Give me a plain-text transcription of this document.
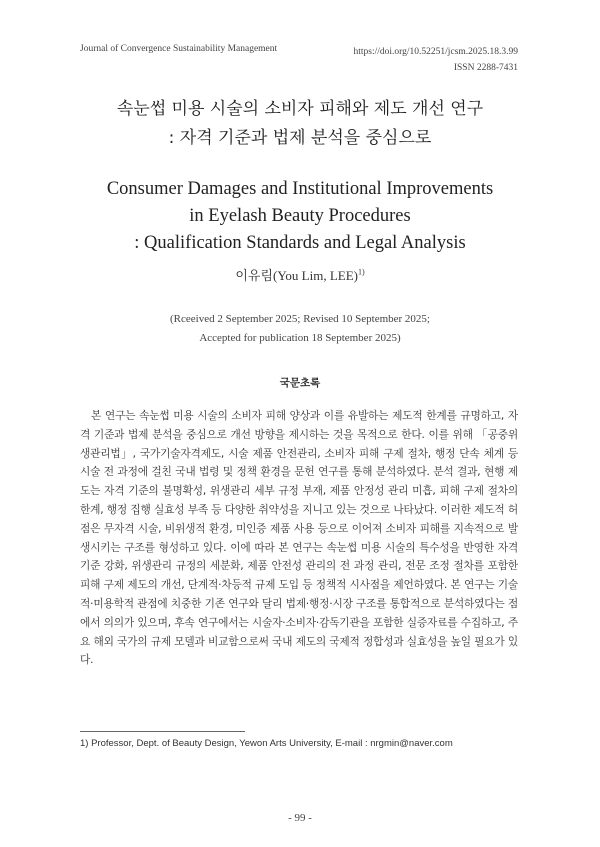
Journal of Convergence Sustainability Management	https://doi.org/10.52251/jcsm.2025.18.3.99
ISSN 2288-7431
속눈썹 미용 시술의 소비자 피해와 제도 개선 연구
: 자격 기준과 법제 분석을 중심으로
Consumer Damages and Institutional Improvements
in Eyelash Beauty Procedures
: Qualification Standards and Legal Analysis
이유림(You Lim, LEE)$^{1)}$
(Rceeived 2 September 2025; Revised 10 September 2025;
Accepted for publication 18 September 2025)
국문초록
본 연구는 속눈썹 미용 시술의 소비자 피해 양상과 이를 유발하는 제도적 한계를 규명하고, 자격 기준과 법제 분석을 중심으로 개선 방향을 제시하는 것을 목적으로 한다. 이를 위해 「공중위생관리법」, 국가기술자격제도, 시술 제품 안전관리, 소비자 피해 구제 절차, 행정 단속 체계 등 시술 전 과정에 걸친 국내 법령 및 정책 환경을 문헌 연구를 통해 분석하였다. 분석 결과, 현행 제도는 자격 기준의 불명확성, 위생관리 세부 규정 부재, 제품 안정성 관리 미흡, 피해 구제 절차의 한계, 행정 집행 실효성 부족 등 다양한 취약성을 지니고 있는 것으로 나타났다. 이러한 제도적 허점은 무자격 시술, 비위생적 환경, 미인증 제품 사용 등으로 이어져 소비자 피해를 지속적으로 발생시키는 구조를 형성하고 있다. 이에 따라 본 연구는 속눈썹 미용 시술의 특수성을 반영한 자격 기준 강화, 위생관리 규정의 세분화, 제품 안전성 관리의 전 과정 관리, 전문 조정 절차를 포함한 피해 구제 제도의 개선, 단계적·차등적 규제 도입 등 정책적 시사점을 제언하였다. 본 연구는 기술적·미용학적 관점에 치중한 기존 연구와 달리 법제·행정·시장 구조를 통합적으로 분석하였다는 점에서 의의가 있으며, 후속 연구에서는 시술자·소비자·감독기관을 포함한 실증자료를 수집하고, 주요 해외 국가의 규제 모델과 비교함으로써 국내 제도의 국제적 정합성과 실효성을 높일 필요가 있다.
1) Professor, Dept. of Beauty Design, Yewon Arts University, E-mail : nrgmin@naver.com
- 99 -
